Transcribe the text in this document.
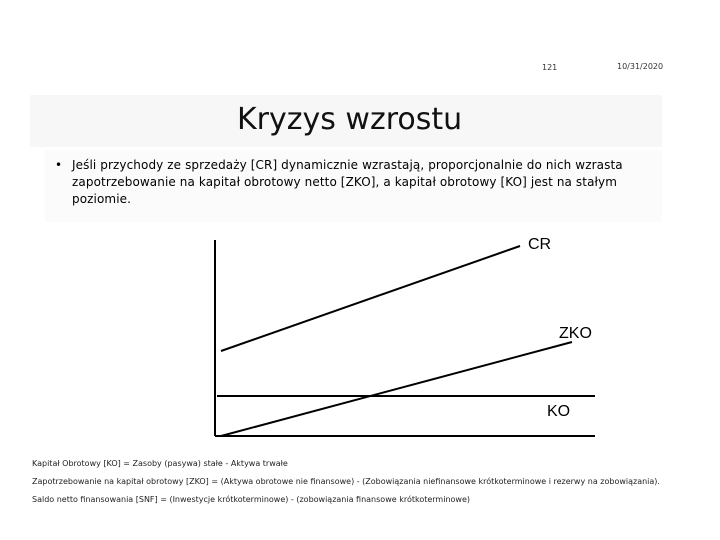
121	10/31/2020
Kryzys wzrostu
• Jeśli przychody ze sprzedaży [CR] dynamicznie wzrastają, proporcjonalnie do nich wzrasta zapotrzebowanie na kapitał obrotowy netto [ZKO], a kapitał obrotowy [KO] jest na stałym poziomie.
CR
ZKO
KO
Kapitał Obrotowy [KO] = Zasoby (pasywa) stałe - Aktywa trwałe
Zapotrzebowanie na kapitał obrotowy [ZKO] = (Aktywa obrotowe nie finansowe) - (Zobowiązania niefinansowe krótkoterminowe i rezerwy na zobowiązania).
Saldo netto finansowania [SNF] = (Inwestycje krótkoterminowe) - (zobowiązania finansowe krótkoterminowe)
